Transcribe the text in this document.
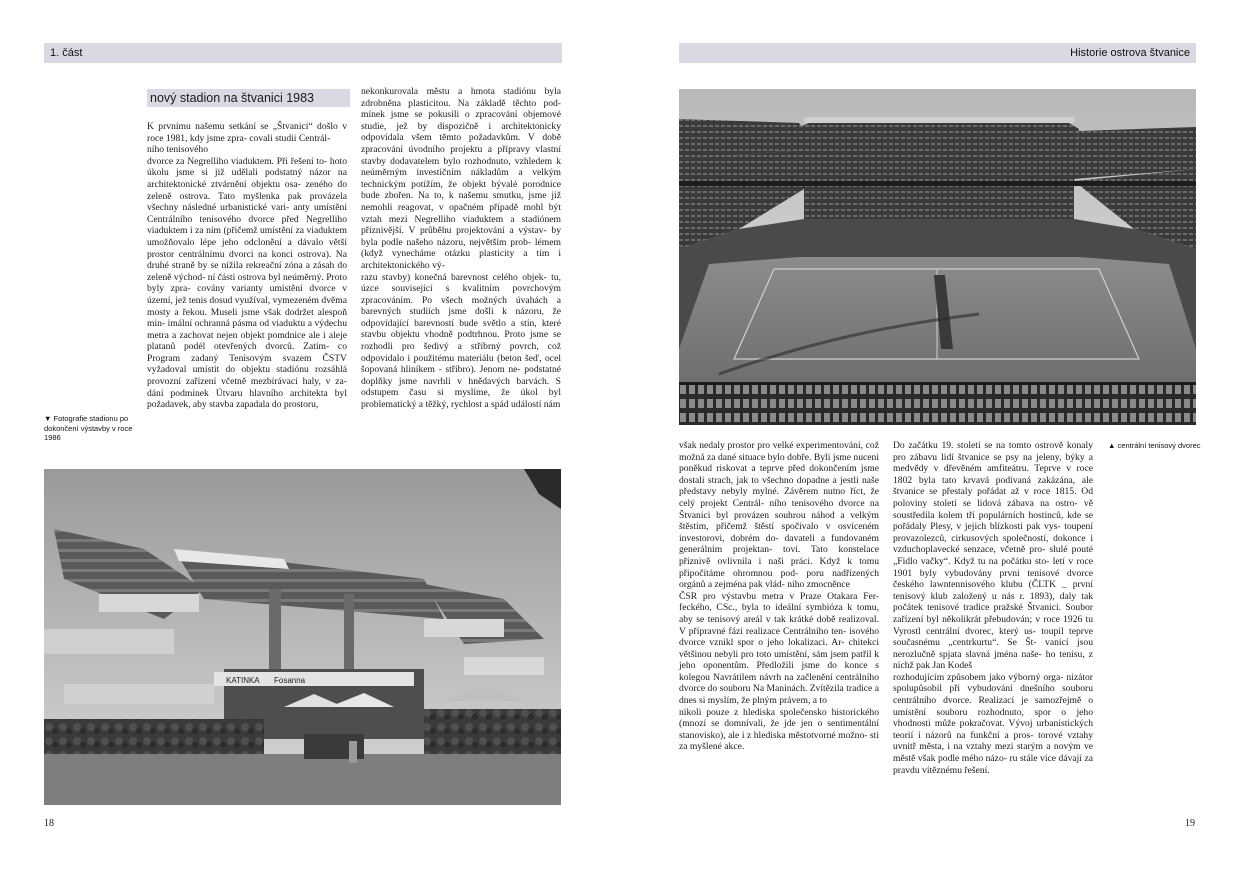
1. část	Historie ostrova štvanice
nový stadion na štvanici 1983

K prvnímu našemu setkání se „Štvanicí“ došlo v roce 1981, kdy jsme zpra- covali studii Centrál-

ního tenisového

dvorce za Negrelliho viaduktem. Při řešení to- hoto úkolu jsme si již udělali podstatný názor na architektonické ztvárnění objektu osa- zeného do zeleně ostrova. Tato myšlenka pak provázela všechny následné urbanistické vari- anty umístění Centrálního tenisového dvorce před Negrelliho viaduktem i za ním (přičemž umístění za viaduktem umožňovalo lépe jeho odclonění a dávalo větší prostor centrálnímu dvorci na konci ostrova). Na druhé straně by se nížila rekreační zóna a zásah do zeleně východ- ní části ostrova byl neúměrný. Proto byly zpra- covány varianty umístění dvorce v území, jež tenis dosud využíval, vymezeném dvěma mosty a řekou. Museli jsme však dodržet alespoň min- imální ochranná pásma od viaduktu a výdechu metra a zachovat nejen objekt pomdnice ale i aleje platanů podél otevřených dvorců. Zatím- co Program zadaný Tenisovým svazem ČSTV vyžadoval umístit do objektu stadiónu rozsáhlá provozní zařízení včetně mezbírávací haly, v za- dání podmínek Útvaru hlavního architekta byl požadavek, aby stavba zapadala do prostoru,

nekonkurovala městu a hmota stadiónu byla zdrobněna plasticitou. Na základě těchto pod- mínek jsme se pokusili o zpracování objemové studie, jež by dispozičně i architektonicky odpovídala všem těmto požadavkům. V době zpracování úvodního projektu a přípravy vlastní stavby dodavatelem bylo rozhodnuto, vzhledem k neúměrným investičním nákladům a velkým technickým potížím, že objekt bývalé porodnice bude zbořen. Na to, k našemu smutku, jsme již nemohli reagovat, v opačném případě mohl být vztah mezi Negrelliho viaduktem a stadiónem příznivější. V průběhu projektování a výstav- by byla podle našeho názoru, největším prob- lémem (když vynecháme otázku plasticity a tím i architektonického vý-

razu stavby) konečná barevnost celého objek- tu, úzce související s kvalitním povrchovým zpracováním. Po všech možných úvahách a barevných studiích jsme došli k názoru, že odpovídající barevností bude světlo a stín, které stavbu objektu vhodně podtrhnou. Proto jsme se rozhodli pro šedivý a stříbrný povrch, což odpovídalo i použitému materiálu (beton šeď, ocel šopovaná hliníkem - stříbro). Jenom ne- podstatné doplňky jsme navrhli v hnědavých barvách. S odstupem času si myslíme, že úkol byl problematický a těžký, rychlost a spád událostí nám

však nedaly prostor pro velké experimentování, což možná za dané situace bylo dobře. Byli jsme nuceni poněkud riskovat a teprve před dokončením jsme dostali strach, jak to všechno dopadne a jestli naše představy nebyly mylné. Závěrem nutno říct, že celý projekt Centrál- ního tenisového dvorce na Štvanici byl provázen souhrou náhod a velkým štěstím, přičemž štěstí spočívalo v osvíceném investorovi, dobrém do- davateli a fundovaném generálním projektan- tovi. Tato konstelace příznivě ovlivnila i naši práci. Když k tomu připočítáme ohromnou pod- poru nadřízených orgánů a zejména pak vlád- ního zmocněnce

ČSR pro výstavbu metra v Praze Otakara Fer- feckého, CSc., byla to ideální symbióza k tomu, aby se tenisový areál v tak krátké době realizoval. V přípravné fázi realizace Centrálního ten- isového dvorce vznikl spor o jeho lokalizaci. Ar- chitekci většinou nebyli pro toto umístění, sám jsem patřil k jeho oponentům. Předložili jsme do konce s kolegou Navrátilem návrh na začlenění centrálního dvorce do souboru Na Maninách. Zvítězila tradice a dnes si myslím, že plným právem, a to

nikoli pouze z hlediska společensko historického (mnozí se domnívali, že jde jen o sentimentální stanovisko), ale i z hlediska městotvorné možno- sti za myšlené akce.

Do začátku 19. století se na tomto ostrově konaly pro zábavu lidí štvanice se psy na jeleny, býky a medvědy v dřevěném amfiteátru. Teprve v roce 1802 byla tato krvavá podívaná zakázána, ale štvanice se přestaly pořádat až v roce 1815. Od poloviny století se lidová zábava na ostro- vě soustředila kolem tří populárních hostinců, kde se pořádaly Plesy, v jejich blízkosti pak vys- toupení provazolezců, cirkusových společností, dokonce i vzduchoplavecké senzace, včetně pro- slulé pouté „Fidlo vačky“. Když tu na počátku sto- letí v roce 1901 byly vybudovány první tenisové dvorce českého lawntennisového klubu (ČLTK _ první tenisový klub založený u nás r. 1893), daly tak počátek tenisové tradice pražské Štvanici. Soubor zařízení byl několikrát přebudován; v roce 1926 tu Vyrostl centrální dvorec, který us- toupil teprve současnému „centrkurtu“. Se Št- vanicí jsou nerozlučně spjata slavná jména naše- ho tenisu, z nichž pak Jan Kodeš

rozhodujícím způsobem jako výborný orga- nizátor spolupůsobil při vybudování dnešního souboru centrálního dvorce. Realizací je samozřejmě o umístění souboru rozhodnuto, spor o jeho vhodnosti může pokračovat. Vývoj urbanistických teorií i názorů na funkční a pros- torové vztahy uvnitř města, i na vztahy mezi starým a novým ve městě však podle mého názo- ru stále více dávají za pravdu vítěznému řešení.

▼ Fotografie stadionu po dokončení výstavby v roce 1986
▲ centrální tenisový dvorec
KATINKA Fosanna
18	19
